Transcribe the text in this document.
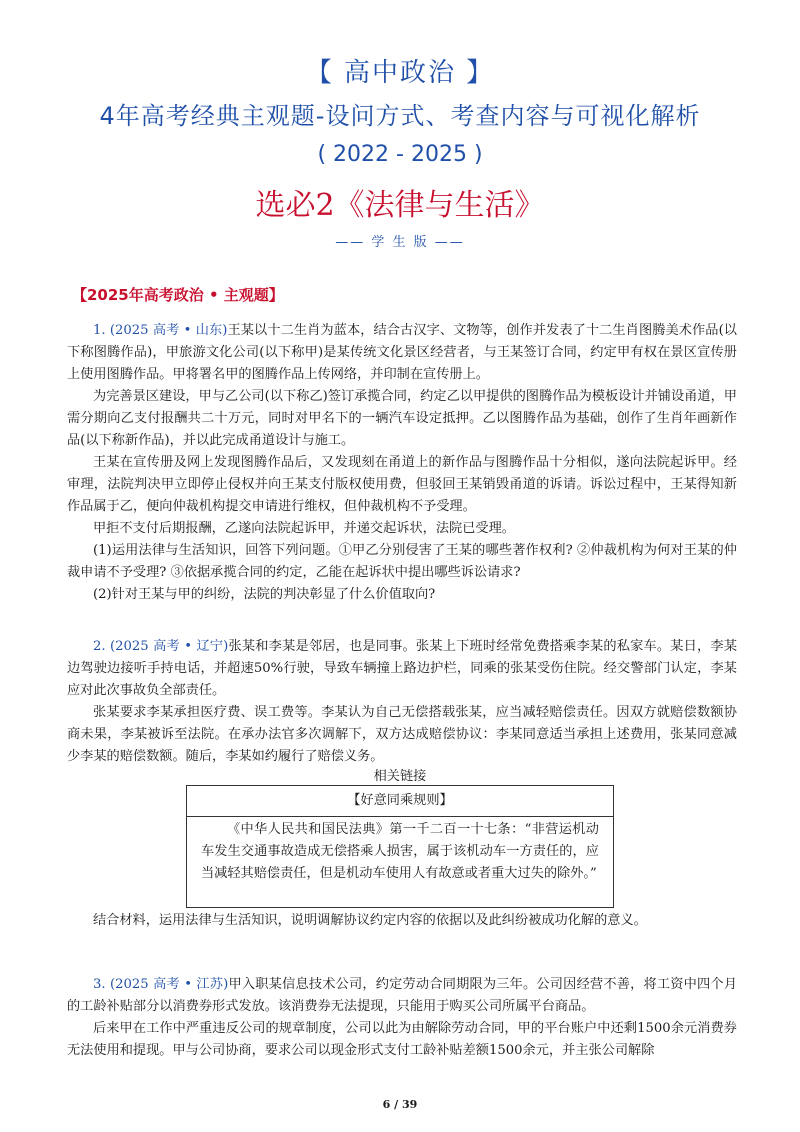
【 高中政治 】
4年高考经典主观题-设问方式、考查内容与可视化解析
( 2022 - 2025 )
选必2《法律与生活》
—— 学 生 版 ——
【2025年高考政治 • 主观题】
1. (2025 高考 • 山东)王某以十二生肖为蓝本，结合古汉字、文物等，创作并发表了十二生肖图腾美术作品(以下称图腾作品)，甲旅游文化公司(以下称甲)是某传统文化景区经营者，与王某签订合同，约定甲有权在景区宣传册上使用图腾作品。甲将署名甲的图腾作品上传网络，并印制在宣传册上。
为完善景区建设，甲与乙公司(以下称乙)签订承揽合同，约定乙以甲提供的图腾作品为模板设计并铺设甬道，甲需分期向乙支付报酬共二十万元，同时对甲名下的一辆汽车设定抵押。乙以图腾作品为基础，创作了生肖年画新作品(以下称新作品)，并以此完成甬道设计与施工。
王某在宣传册及网上发现图腾作品后，又发现刻在甬道上的新作品与图腾作品十分相似，遂向法院起诉甲。经审理，法院判决甲立即停止侵权并向王某支付版权使用费，但驳回王某销毁甬道的诉请。诉讼过程中，王某得知新作品属于乙，便向仲裁机构提交申请进行维权，但仲裁机构不予受理。
甲拒不支付后期报酬，乙遂向法院起诉甲，并递交起诉状，法院已受理。
(1)运用法律与生活知识，回答下列问题。①甲乙分别侵害了王某的哪些著作权利? ②仲裁机构为何对王某的仲裁申请不予受理? ③依据承揽合同的约定，乙能在起诉状中提出哪些诉讼请求?
(2)针对王某与甲的纠纷，法院的判决彰显了什么价值取向?
2. (2025 高考 • 辽宁)张某和李某是邻居，也是同事。张某上下班时经常免费搭乘李某的私家车。某日，李某边驾驶边接听手持电话，并超速50%行驶，导致车辆撞上路边护栏，同乘的张某受伤住院。经交警部门认定，李某应对此次事故负全部责任。
张某要求李某承担医疗费、误工费等。李某认为自己无偿搭载张某，应当减轻赔偿责任。因双方就赔偿数额协商未果，李某被诉至法院。在承办法官多次调解下，双方达成赔偿协议：李某同意适当承担上述费用，张某同意减少李某的赔偿数额。随后，李某如约履行了赔偿义务。
相关链接
【好意同乘规则】
《中华人民共和国民法典》第一千二百一十七条：“非营运机动车发生交通事故造成无偿搭乘人损害，属于该机动车一方责任的，应当减轻其赔偿责任，但是机动车使用人有故意或者重大过失的除外。”
结合材料，运用法律与生活知识，说明调解协议约定内容的依据以及此纠纷被成功化解的意义。
3. (2025 高考 • 江苏)甲入职某信息技术公司，约定劳动合同期限为三年。公司因经营不善，将工资中四个月的工龄补贴部分以消费券形式发放。该消费券无法提现，只能用于购买公司所属平台商品。
后来甲在工作中严重违反公司的规章制度，公司以此为由解除劳动合同，甲的平台账户中还剩1500余元消费券无法使用和提现。甲与公司协商，要求公司以现金形式支付工龄补贴差额1500余元，并主张公司解除
6 / 39
